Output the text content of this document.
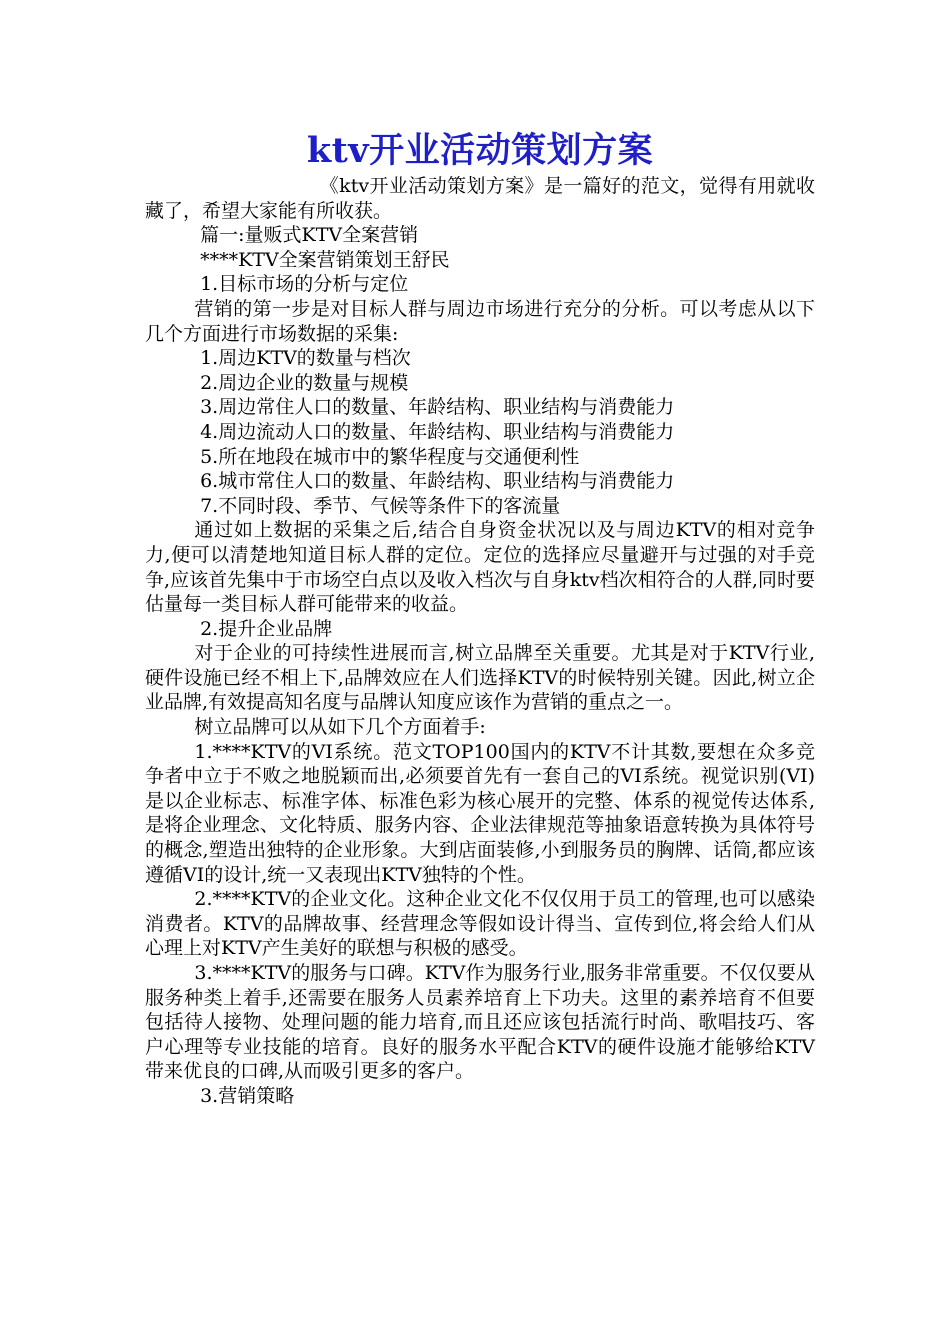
ktv开业活动策划方案

《ktv开业活动策划方案》是一篇好的范文，觉得有用就收藏了，希望大家能有所收获。

篇一:量贩式KTV全案营销

****KTV全案营销策划王舒民

1.目标市场的分析与定位

营销的第一步是对目标人群与周边市场进行充分的分析。可以考虑从以下几个方面进行市场数据的采集:

1.周边KTV的数量与档次

2.周边企业的数量与规模

3.周边常住人口的数量、年龄结构、职业结构与消费能力

4.周边流动人口的数量、年龄结构、职业结构与消费能力

5.所在地段在城市中的繁华程度与交通便利性

6.城市常住人口的数量、年龄结构、职业结构与消费能力

7.不同时段、季节、气候等条件下的客流量

通过如上数据的采集之后,结合自身资金状况以及与周边KTV的相对竞争力,便可以清楚地知道目标人群的定位。定位的选择应尽量避开与过强的对手竞争,应该首先集中于市场空白点以及收入档次与自身ktv档次相符合的人群,同时要估量每一类目标人群可能带来的收益。

2.提升企业品牌

对于企业的可持续性进展而言,树立品牌至关重要。尤其是对于KTV行业,硬件设施已经不相上下,品牌效应在人们选择KTV的时候特别关键。因此,树立企业品牌,有效提高知名度与品牌认知度应该作为营销的重点之一。

树立品牌可以从如下几个方面着手:

1.****KTV的VI系统。范文TOP100国内的KTV不计其数,要想在众多竞争者中立于不败之地脱颖而出,必须要首先有一套自己的VI系统。视觉识别(VI)是以企业标志、标准字体、标准色彩为核心展开的完整、体系的视觉传达体系,是将企业理念、文化特质、服务内容、企业法律规范等抽象语意转换为具体符号的概念,塑造出独特的企业形象。大到店面装修,小到服务员的胸牌、话筒,都应该遵循VI的设计,统一又表现出KTV独特的个性。

2.****KTV的企业文化。这种企业文化不仅仅用于员工的管理,也可以感染消费者。KTV的品牌故事、经营理念等假如设计得当、宣传到位,将会给人们从心理上对KTV产生美好的联想与积极的感受。

3.****KTV的服务与口碑。KTV作为服务行业,服务非常重要。不仅仅要从服务种类上着手,还需要在服务人员素养培育上下功夫。这里的素养培育不但要包括待人接物、处理问题的能力培育,而且还应该包括流行时尚、歌唱技巧、客户心理等专业技能的培育。良好的服务水平配合KTV的硬件设施才能够给KTV带来优良的口碑,从而吸引更多的客户。

3.营销策略
